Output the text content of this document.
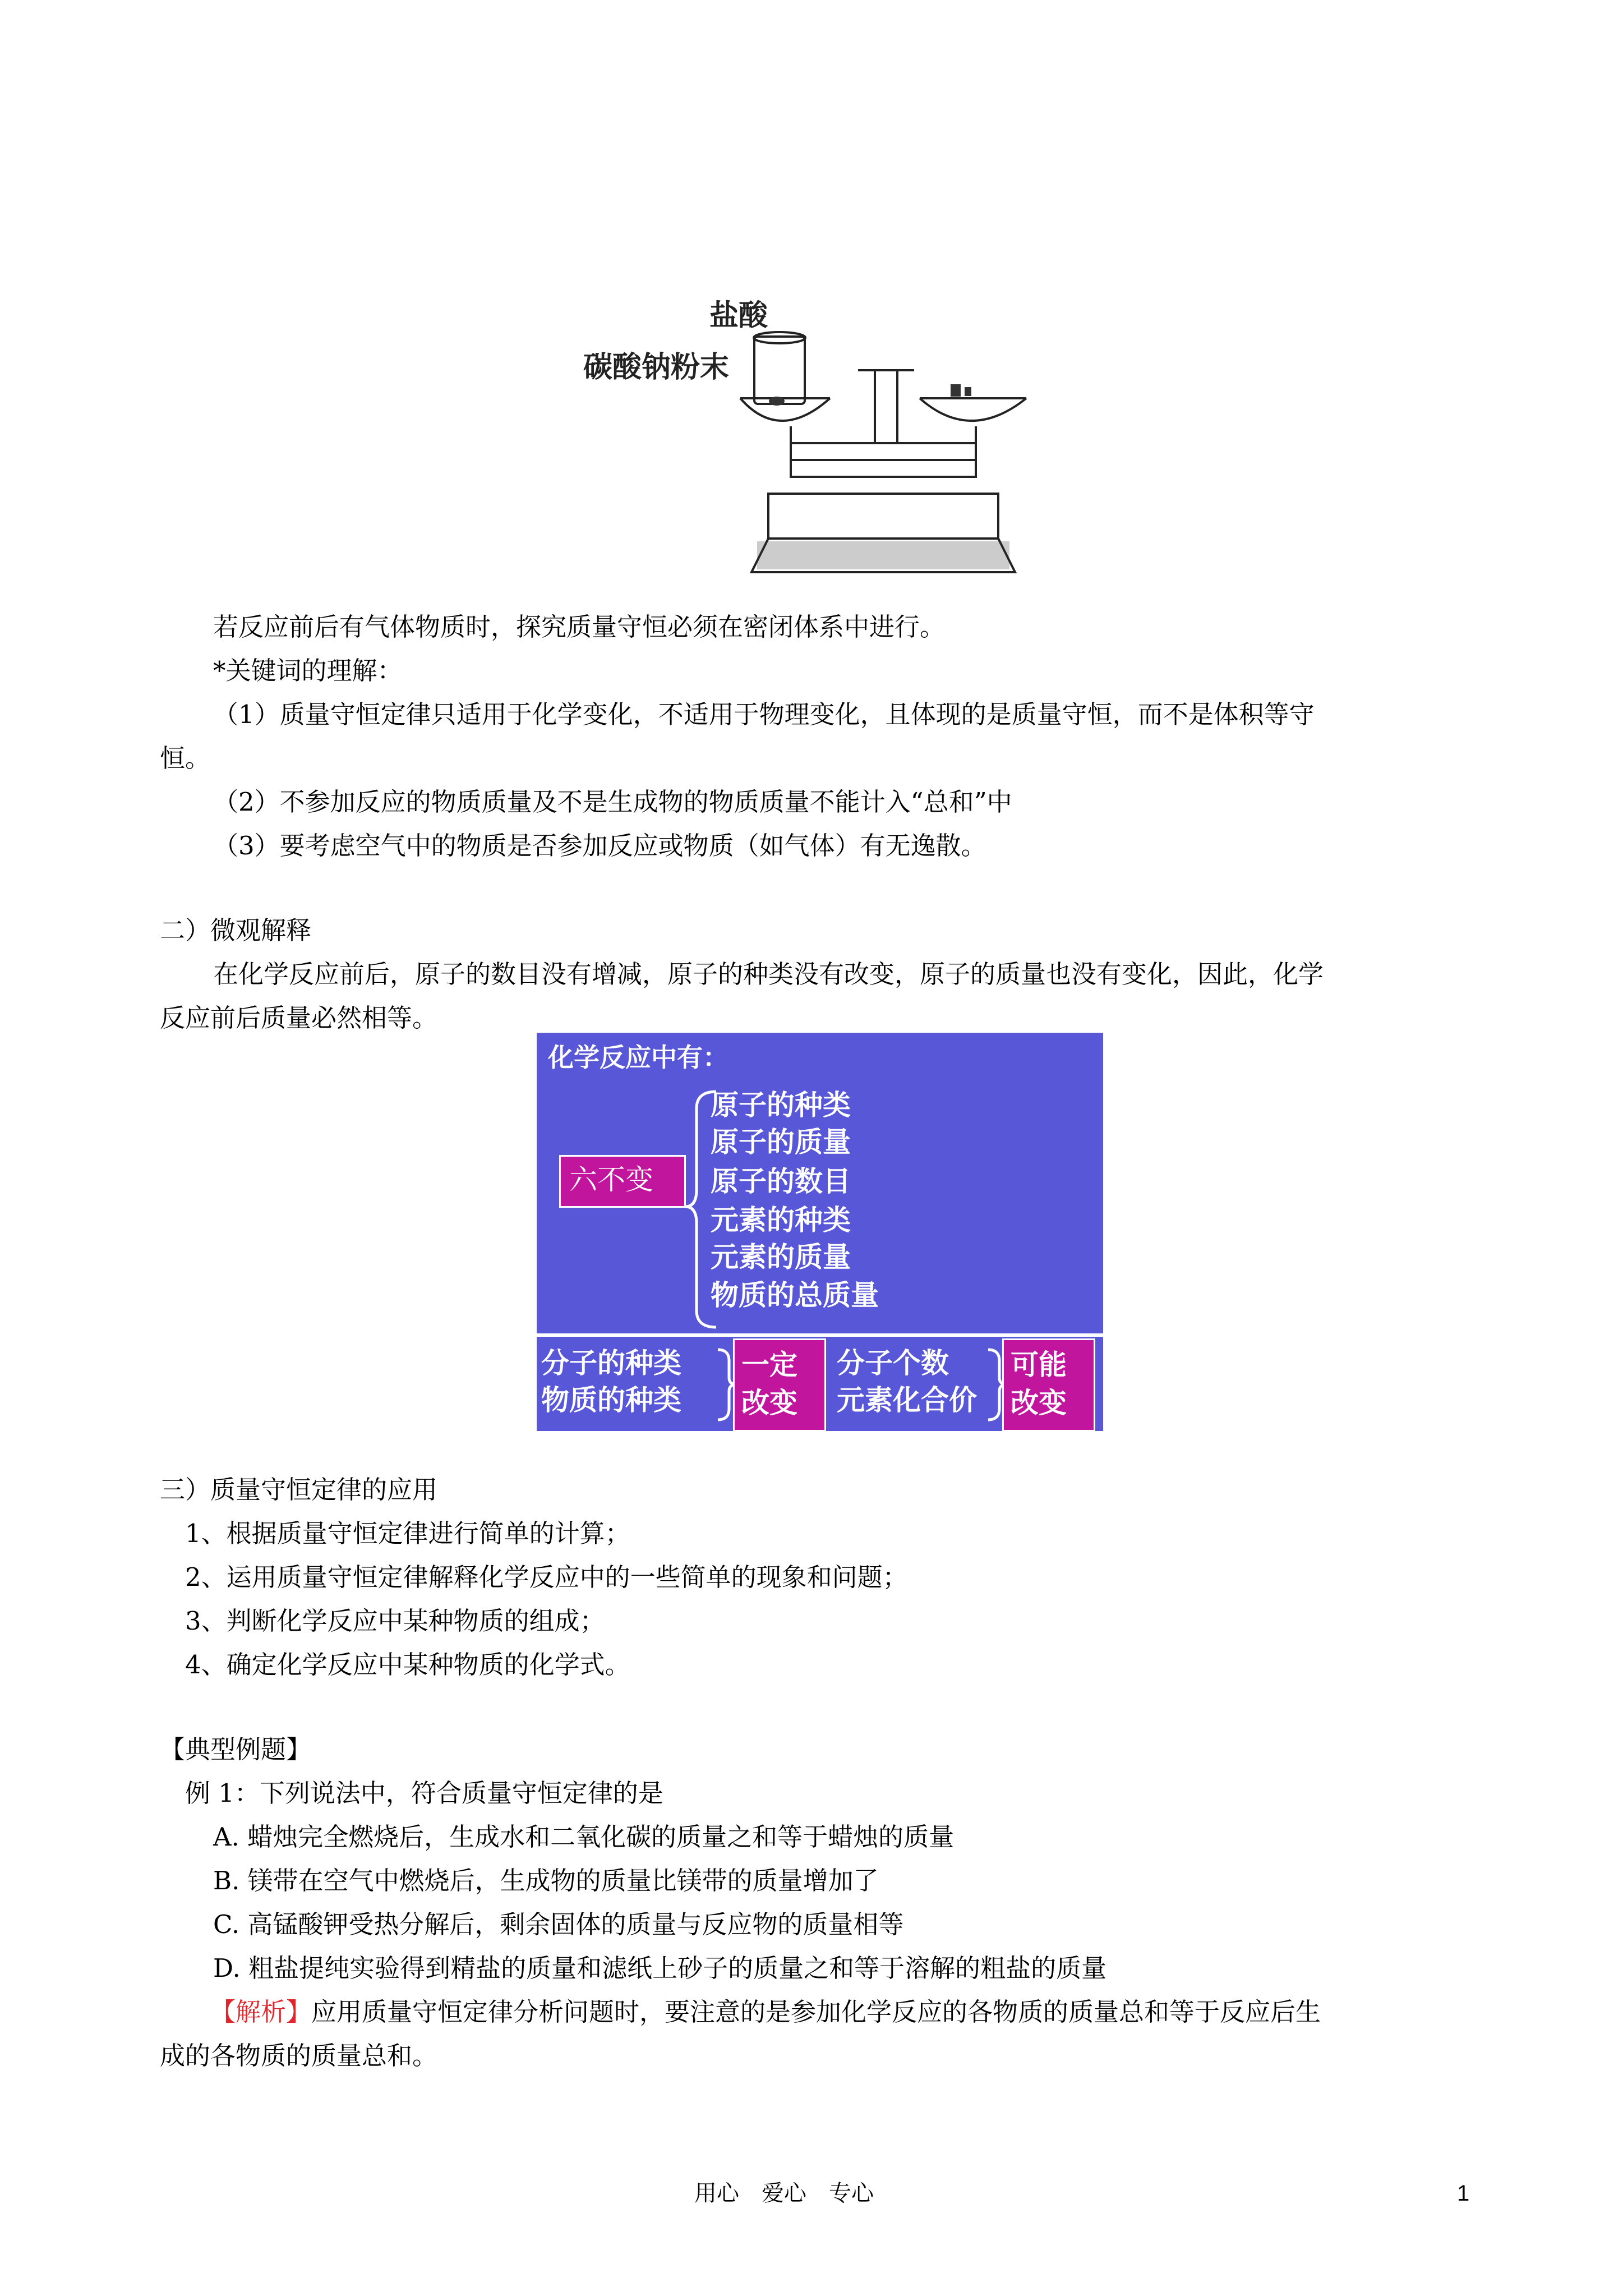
盐酸
碳酸钠粉末
若反应前后有气体物质时，探究质量守恒必须在密闭体系中进行。
*关键词的理解：
（1）质量守恒定律只适用于化学变化，不适用于物理变化，且体现的是质量守恒，而不是体积等守
恒。
（2）不参加反应的物质质量及不是生成物的物质质量不能计入“总和”中
（3）要考虑空气中的物质是否参加反应或物质（如气体）有无逸散。
二）微观解释
在化学反应前后，原子的数目没有增减，原子的种类没有改变，原子的质量也没有变化，因此，化学
反应前后质量必然相等。
化学反应中有：
六不变
原子的种类
原子的质量
原子的数目
元素的种类
元素的质量
物质的总质量
分子的种类
物质的种类
一定
改变
分子个数
元素化合价
可能
改变
三）质量守恒定律的应用
1、根据质量守恒定律进行简单的计算；
2、运用质量守恒定律解释化学反应中的一些简单的现象和问题；
3、判断化学反应中某种物质的组成；
4、确定化学反应中某种物质的化学式。
【典型例题】
例 1：下列说法中，符合质量守恒定律的是
A. 蜡烛完全燃烧后，生成水和二氧化碳的质量之和等于蜡烛的质量
B. 镁带在空气中燃烧后，生成物的质量比镁带的质量增加了
C. 高锰酸钾受热分解后，剩余固体的质量与反应物的质量相等
D. 粗盐提纯实验得到精盐的质量和滤纸上砂子的质量之和等于溶解的粗盐的质量
【解析】应用质量守恒定律分析问题时，要注意的是参加化学反应的各物质的质量总和等于反应后生
成的各物质的质量总和。
用心　爱心　专心	1
